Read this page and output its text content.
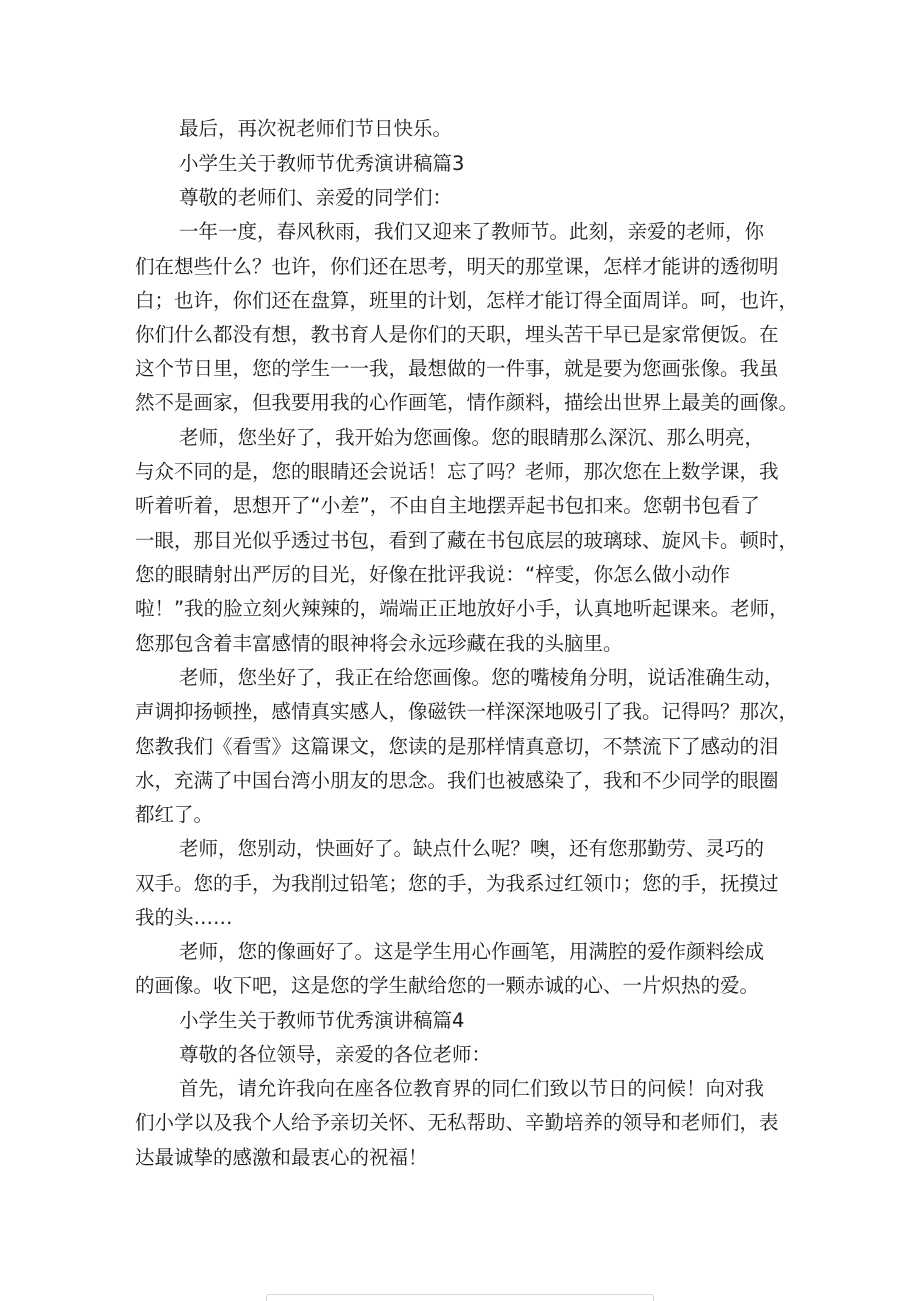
最后，再次祝老师们节日快乐。

小学生关于教师节优秀演讲稿篇3

尊敬的老师们、亲爱的同学们：

一年一度，春风秋雨，我们又迎来了教师节。此刻，亲爱的老师，你

们在想些什么？也许，你们还在思考，明天的那堂课，怎样才能讲的透彻明

白；也许，你们还在盘算，班里的计划，怎样才能订得全面周详。呵，也许，

你们什么都没有想，教书育人是你们的天职，埋头苦干早已是家常便饭。在

这个节日里，您的学生一一我，最想做的一件事，就是要为您画张像。我虽

然不是画家，但我要用我的心作画笔，情作颜料，描绘出世界上最美的画像。

老师，您坐好了，我开始为您画像。您的眼睛那么深沉、那么明亮，

与众不同的是，您的眼睛还会说话！忘了吗？老师，那次您在上数学课，我

听着听着，思想开了“小差”，不由自主地摆弄起书包扣来。您朝书包看了

一眼，那目光似乎透过书包，看到了藏在书包底层的玻璃球、旋风卡。顿时，

您的眼睛射出严厉的目光，好像在批评我说：“梓雯，你怎么做小动作

啦！”我的脸立刻火辣辣的，端端正正地放好小手，认真地听起课来。老师，

您那包含着丰富感情的眼神将会永远珍藏在我的头脑里。

老师，您坐好了，我正在给您画像。您的嘴棱角分明，说话准确生动，

声调抑扬顿挫，感情真实感人，像磁铁一样深深地吸引了我。记得吗？那次，

您教我们《看雪》这篇课文，您读的是那样情真意切，不禁流下了感动的泪

水，充满了中国台湾小朋友的思念。我们也被感染了，我和不少同学的眼圈

都红了。

老师，您别动，快画好了。缺点什么呢？噢，还有您那勤劳、灵巧的

双手。您的手，为我削过铅笔；您的手，为我系过红领巾；您的手，抚摸过

我的头……

老师，您的像画好了。这是学生用心作画笔，用满腔的爱作颜料绘成

的画像。收下吧，这是您的学生献给您的一颗赤诚的心、一片炽热的爱。

小学生关于教师节优秀演讲稿篇4

尊敬的各位领导，亲爱的各位老师：

首先，请允许我向在座各位教育界的同仁们致以节日的问候！向对我

们小学以及我个人给予亲切关怀、无私帮助、辛勤培养的领导和老师们，表

达最诚挚的感激和最衷心的祝福！
